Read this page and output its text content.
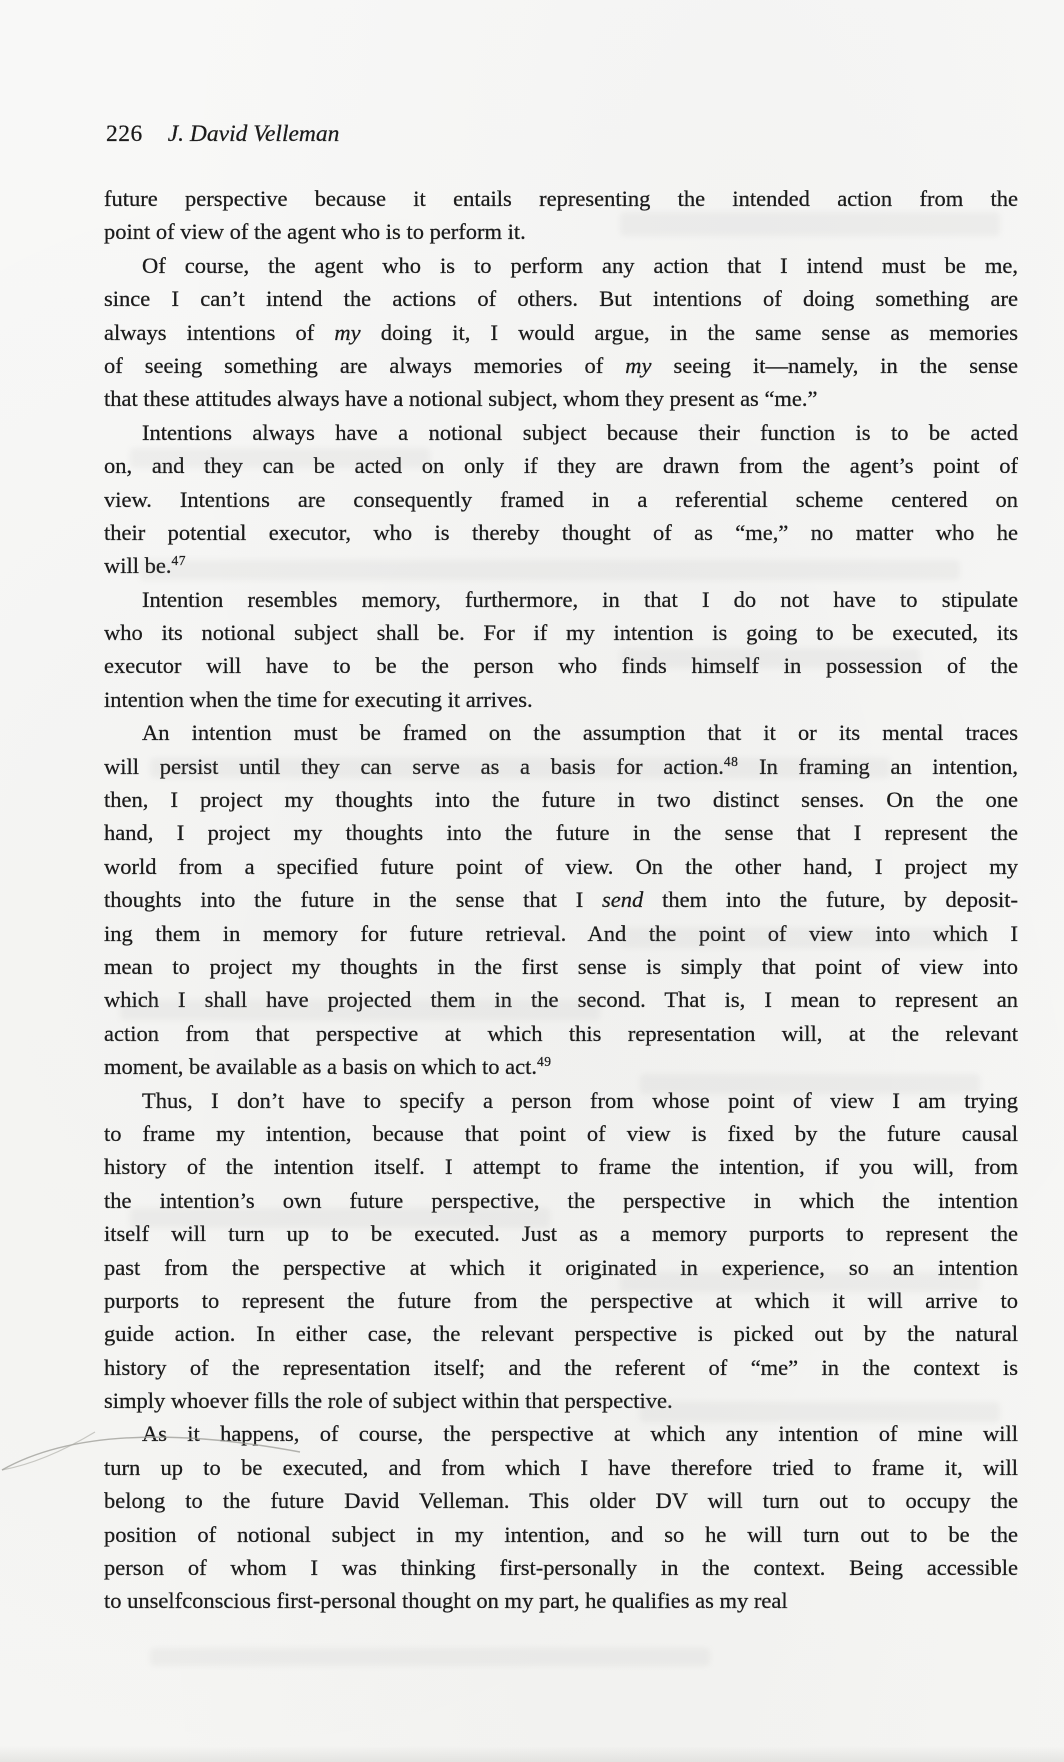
226 J. David Velleman
future perspective because it entails representing the intended action from the
point of view of the agent who is to perform it.
Of course, the agent who is to perform any action that I intend must be me,
since I can’t intend the actions of others. But intentions of doing something are
always intentions of my doing it, I would argue, in the same sense as memories
of seeing something are always memories of my seeing it—namely, in the sense
that these attitudes always have a notional subject, whom they present as “me.”
Intentions always have a notional subject because their function is to be acted
on, and they can be acted on only if they are drawn from the agent’s point of
view. Intentions are consequently framed in a referential scheme centered on
their potential executor, who is thereby thought of as “me,” no matter who he
will be.$^{47}$
Intention resembles memory, furthermore, in that I do not have to stipulate
who its notional subject shall be. For if my intention is going to be executed, its
executor will have to be the person who finds himself in possession of the
intention when the time for executing it arrives.
An intention must be framed on the assumption that it or its mental traces
will persist until they can serve as a basis for action.$^{48}$ In framing an intention,
then, I project my thoughts into the future in two distinct senses. On the one
hand, I project my thoughts into the future in the sense that I represent the
world from a specified future point of view. On the other hand, I project my
thoughts into the future in the sense that I send them into the future, by deposit-
ing them in memory for future retrieval. And the point of view into which I
mean to project my thoughts in the first sense is simply that point of view into
which I shall have projected them in the second. That is, I mean to represent an
action from that perspective at which this representation will, at the relevant
moment, be available as a basis on which to act.$^{49}$
Thus, I don’t have to specify a person from whose point of view I am trying
to frame my intention, because that point of view is fixed by the future causal
history of the intention itself. I attempt to frame the intention, if you will, from
the intention’s own future perspective, the perspective in which the intention
itself will turn up to be executed. Just as a memory purports to represent the
past from the perspective at which it originated in experience, so an intention
purports to represent the future from the perspective at which it will arrive to
guide action. In either case, the relevant perspective is picked out by the natural
history of the representation itself; and the referent of “me” in the context is
simply whoever fills the role of subject within that perspective.
As it happens, of course, the perspective at which any intention of mine will
turn up to be executed, and from which I have therefore tried to frame it, will
belong to the future David Velleman. This older DV will turn out to occupy the
position of notional subject in my intention, and so he will turn out to be the
person of whom I was thinking first-personally in the context. Being accessible
to unselfconscious first-personal thought on my part, he qualifies as my real
